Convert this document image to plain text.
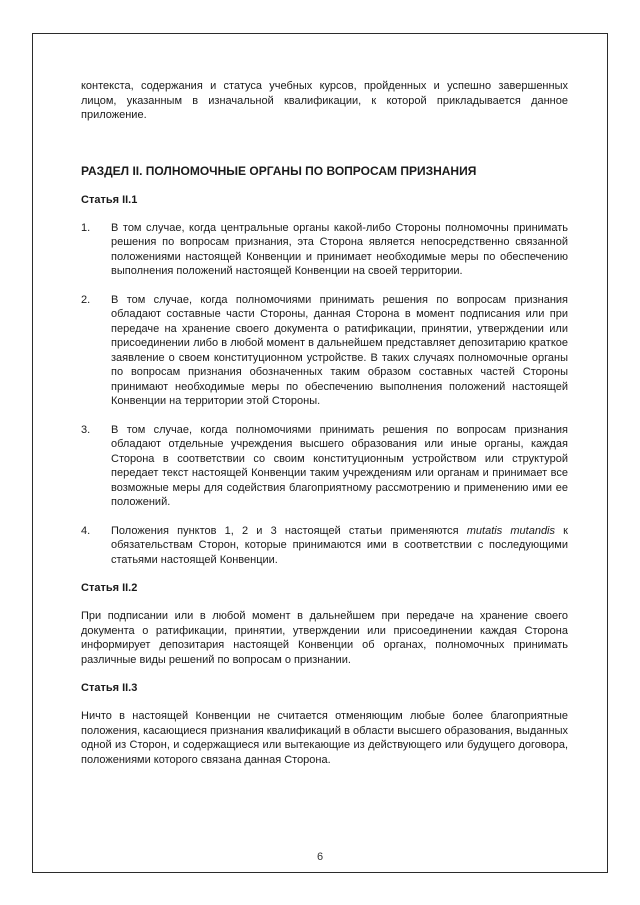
контекста, содержания и статуса учебных курсов, пройденных и успешно завершенных лицом, указанным в изначальной квалификации, к которой прикладывается данное приложение.

РАЗДЕЛ II. ПОЛНОМОЧНЫЕ ОРГАНЫ ПО ВОПРОСАМ ПРИЗНАНИЯ
Статья II.1
1.	В том случае, когда центральные органы какой-либо Стороны полномочны принимать решения по вопросам признания, эта Сторона является непосредственно связанной положениями настоящей Конвенции и принимает необходимые меры по обеспечению выполнения положений настоящей Конвенции на своей территории.

2.	В том случае, когда полномочиями принимать решения по вопросам признания обладают составные части Стороны, данная Сторона в момент подписания или при передаче на хранение своего документа о ратификации, принятии, утверждении или присоединении либо в любой момент в дальнейшем представляет депозитарию краткое заявление о своем конституционном устройстве. В таких случаях полномочные органы по вопросам признания обозначенных таким образом составных частей Стороны принимают необходимые меры по обеспечению выполнения положений настоящей Конвенции на территории этой Стороны.

3.	В том случае, когда полномочиями принимать решения по вопросам признания обладают отдельные учреждения высшего образования или иные органы, каждая Сторона в соответствии со своим конституционным устройством или структурой передает текст настоящей Конвенции таким учреждениям или органам и принимает все возможные меры для содействия благоприятному рассмотрению и применению ими ее положений.

4.	Положения пунктов 1, 2 и 3 настоящей статьи применяются mutatis mutandis к обязательствам Сторон, которые принимаются ими в соответствии с последующими статьями настоящей Конвенции.

Статья II.2

При подписании или в любой момент в дальнейшем при передаче на хранение своего документа о ратификации, принятии, утверждении или присоединении каждая Сторона информирует депозитария настоящей Конвенции об органах, полномочных принимать различные виды решений по вопросам о признании.

Статья II.3

Ничто в настоящей Конвенции не считается отменяющим любые более благоприятные положения, касающиеся признания квалификаций в области высшего образования, выданных одной из Сторон, и содержащиеся или вытекающие из действующего или будущего договора, положениями которого связана данная Сторона.

6
